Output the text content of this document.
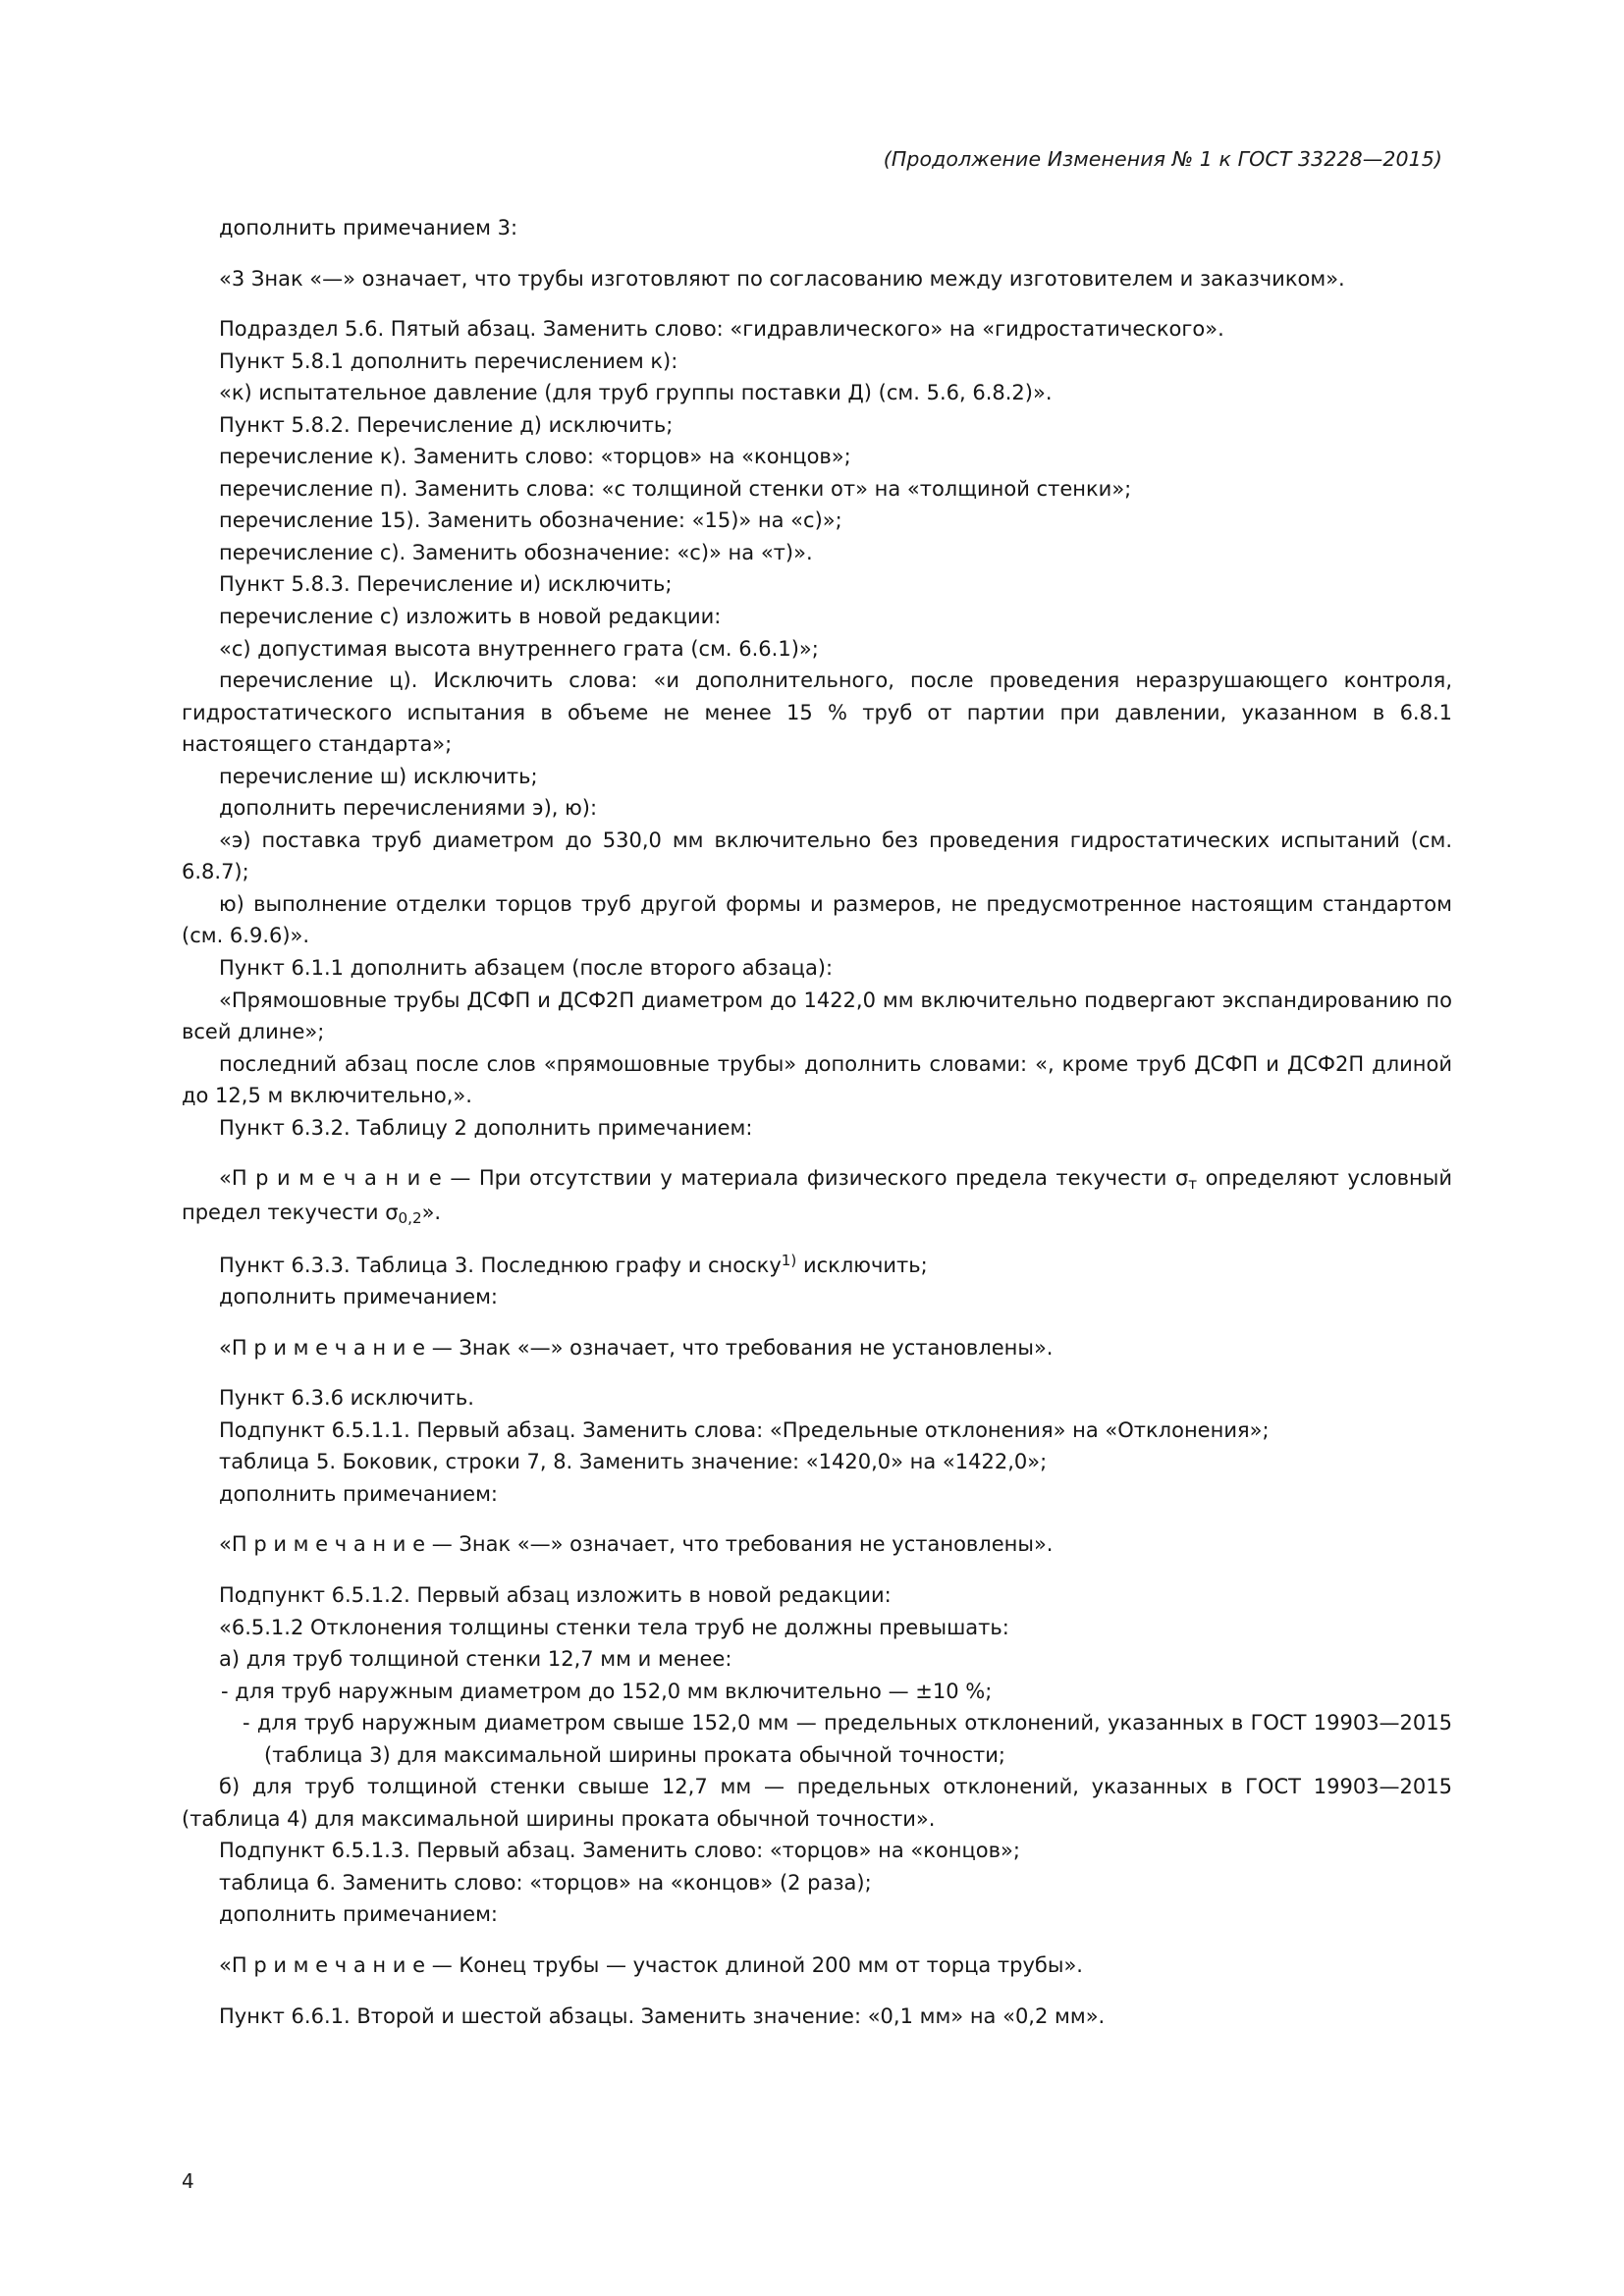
(Продолжение Изменения № 1 к ГОСТ 33228—2015)

дополнить примечанием 3:

«3 Знак «—» означает, что трубы изготовляют по согласованию между изготовителем и заказчиком».

Подраздел 5.6. Пятый абзац. Заменить слово: «гидравлического» на «гидростатического».

Пункт 5.8.1 дополнить перечислением к):

«к) испытательное давление (для труб группы поставки Д) (см. 5.6, 6.8.2)».

Пункт 5.8.2. Перечисление д) исключить;

перечисление к). Заменить слово: «торцов» на «концов»;

перечисление п). Заменить слова: «с толщиной стенки от» на «толщиной стенки»;

перечисление 15). Заменить обозначение: «15)» на «с)»;

перечисление с). Заменить обозначение: «с)» на «т)».

Пункт 5.8.3. Перечисление и) исключить;

перечисление с) изложить в новой редакции:

«с) допустимая высота внутреннего грата (см. 6.6.1)»;

перечисление ц). Исключить слова: «и дополнительного, после проведения неразрушающего контроля, гидростатического испытания в объеме не менее 15 % труб от партии при давлении, указанном в 6.8.1 настоящего стандарта»;

перечисление ш) исключить;

дополнить перечислениями э), ю):

«э) поставка труб диаметром до 530,0 мм включительно без проведения гидростатических испытаний (см. 6.8.7);

ю) выполнение отделки торцов труб другой формы и размеров, не предусмотренное настоящим стандартом (см. 6.9.6)».

Пункт 6.1.1 дополнить абзацем (после второго абзаца):

«Прямошовные трубы ДСФП и ДСФ2П диаметром до 1422,0 мм включительно подвергают экспандированию по всей длине»;

последний абзац после слов «прямошовные трубы» дополнить словами: «, кроме труб ДСФП и ДСФ2П длиной до 12,5 м включительно,».

Пункт 6.3.2. Таблицу 2 дополнить примечанием:

«П р и м е ч а н и е — При отсутствии у материала физического предела текучести $\sigma_т$ определяют условный предел текучести $\sigma_{0,2}$».

Пункт 6.3.3. Таблица 3. Последнюю графу и сноску$^{1)}$ исключить;

дополнить примечанием:

«П р и м е ч а н и е — Знак «—» означает, что требования не установлены».

Пункт 6.3.6 исключить.

Подпункт 6.5.1.1. Первый абзац. Заменить слова: «Предельные отклонения» на «Отклонения»;

таблица 5. Боковик, строки 7, 8. Заменить значение: «1420,0» на «1422,0»;

дополнить примечанием:

«П р и м е ч а н и е — Знак «—» означает, что требования не установлены».

Подпункт 6.5.1.2. Первый абзац изложить в новой редакции:

«6.5.1.2 Отклонения толщины стенки тела труб не должны превышать:

а) для труб толщиной стенки 12,7 мм и менее:

- для труб наружным диаметром до 152,0 мм включительно — ±10 %;

- для труб наружным диаметром свыше 152,0 мм — предельных отклонений, указанных в ГОСТ 19903—2015 (таблица 3) для максимальной ширины проката обычной точности;

б) для труб толщиной стенки свыше 12,7 мм — предельных отклонений, указанных в ГОСТ 19903—2015 (таблица 4) для максимальной ширины проката обычной точности».

Подпункт 6.5.1.3. Первый абзац. Заменить слово: «торцов» на «концов»;

таблица 6. Заменить слово: «торцов» на «концов» (2 раза);

дополнить примечанием:

«П р и м е ч а н и е — Конец трубы — участок длиной 200 мм от торца трубы».

Пункт 6.6.1. Второй и шестой абзацы. Заменить значение: «0,1 мм» на «0,2 мм».

4
